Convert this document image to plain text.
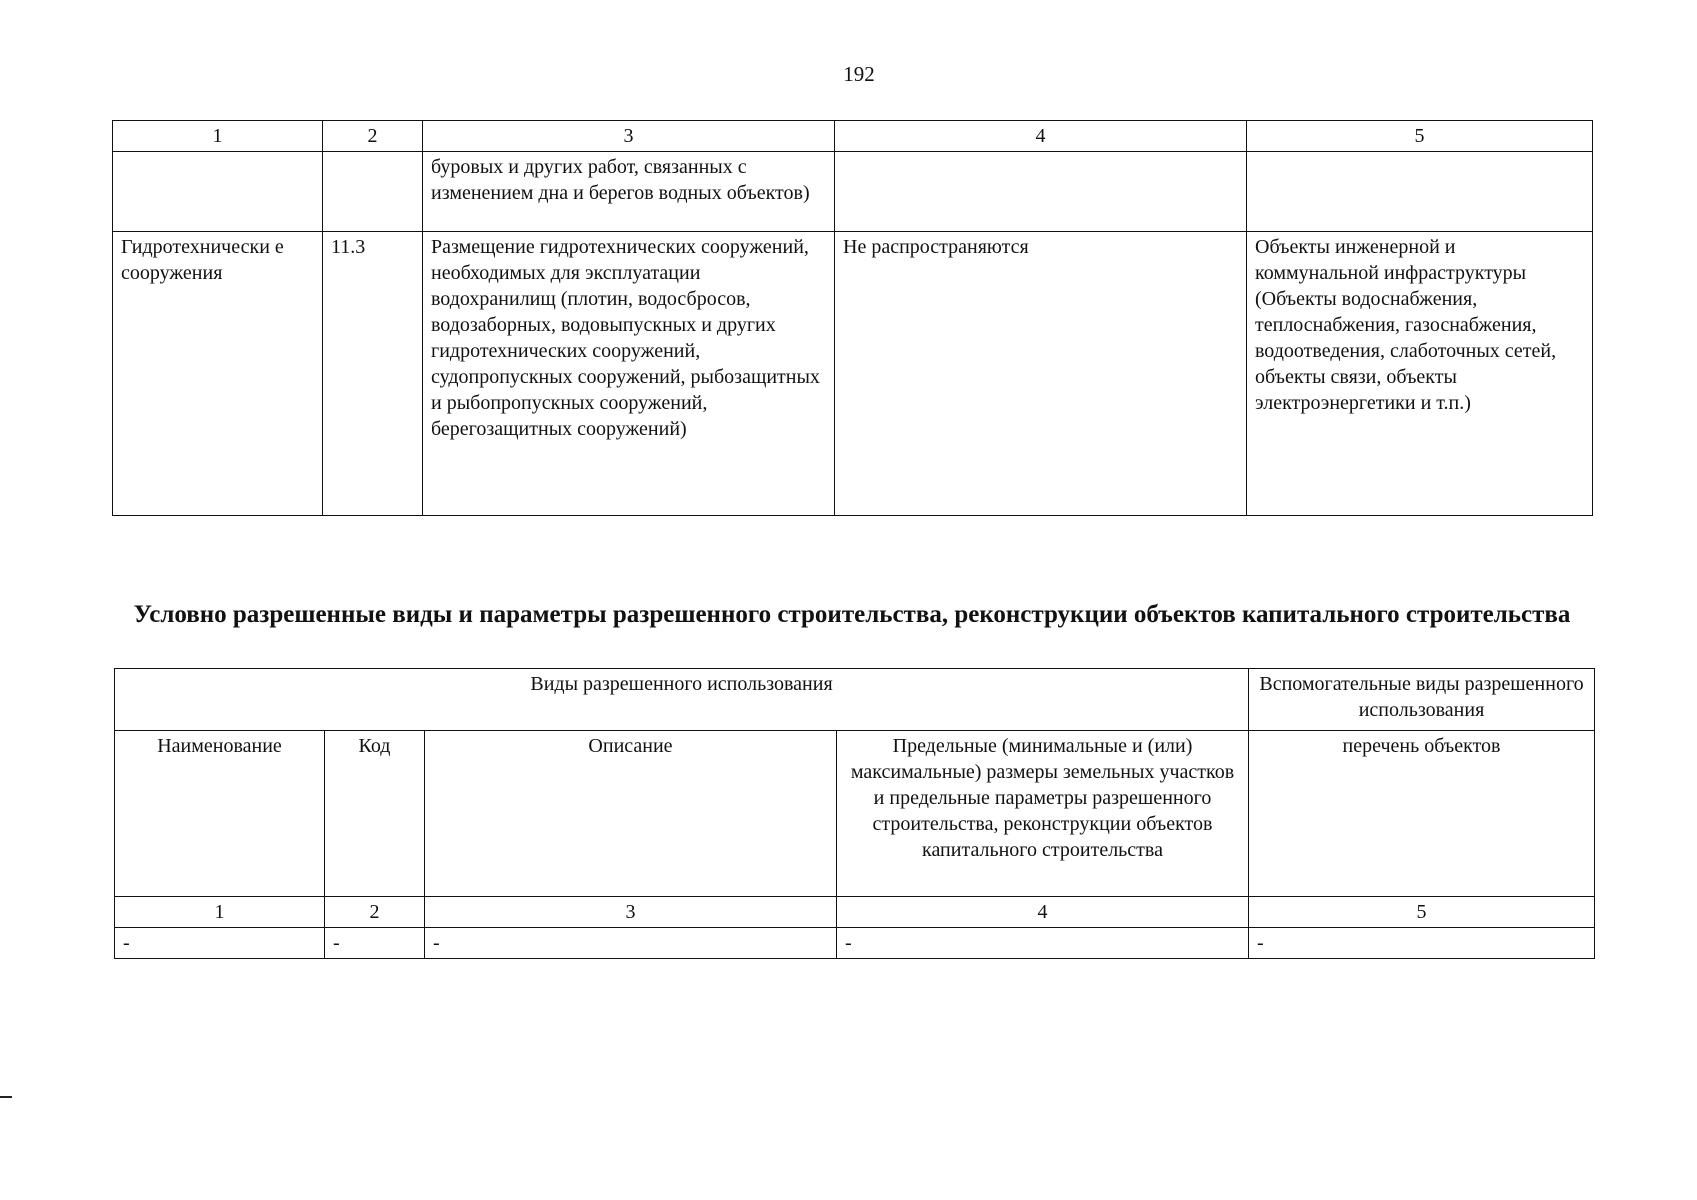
192
1	2	3	4	5
		буровых и других работ, связанных с изменением дна и берегов водных объектов)		
Гидротехнически е сооружения	11.3	Размещение гидротехнических сооружений, необходимых для эксплуатации водохранилищ (плотин, водосбросов, водозаборных, водовыпускных и других гидротехнических сооружений, судопропускных сооружений, рыбозащитных и рыбопропускных сооружений, берегозащитных сооружений)	Не распространяются	Объекты инженерной и коммунальной инфраструктуры (Объекты водоснабжения, теплоснабжения, газоснабжения, водоотведения, слаботочных сетей, объекты связи, объекты электроэнергетики и т.п.)
Условно разрешенные виды и параметры разрешенного строительства, реконструкции объектов капитального строительства
Виды разрешенного использования				Вспомогательные виды разрешенного использования
Наименование	Код	Описание	Предельные (минимальные и (или) максимальные) размеры земельных участков и предельные параметры разрешенного строительства, реконструкции объектов капитального строительства	перечень объектов
1	2	3	4	5
-	-	-	-	-
